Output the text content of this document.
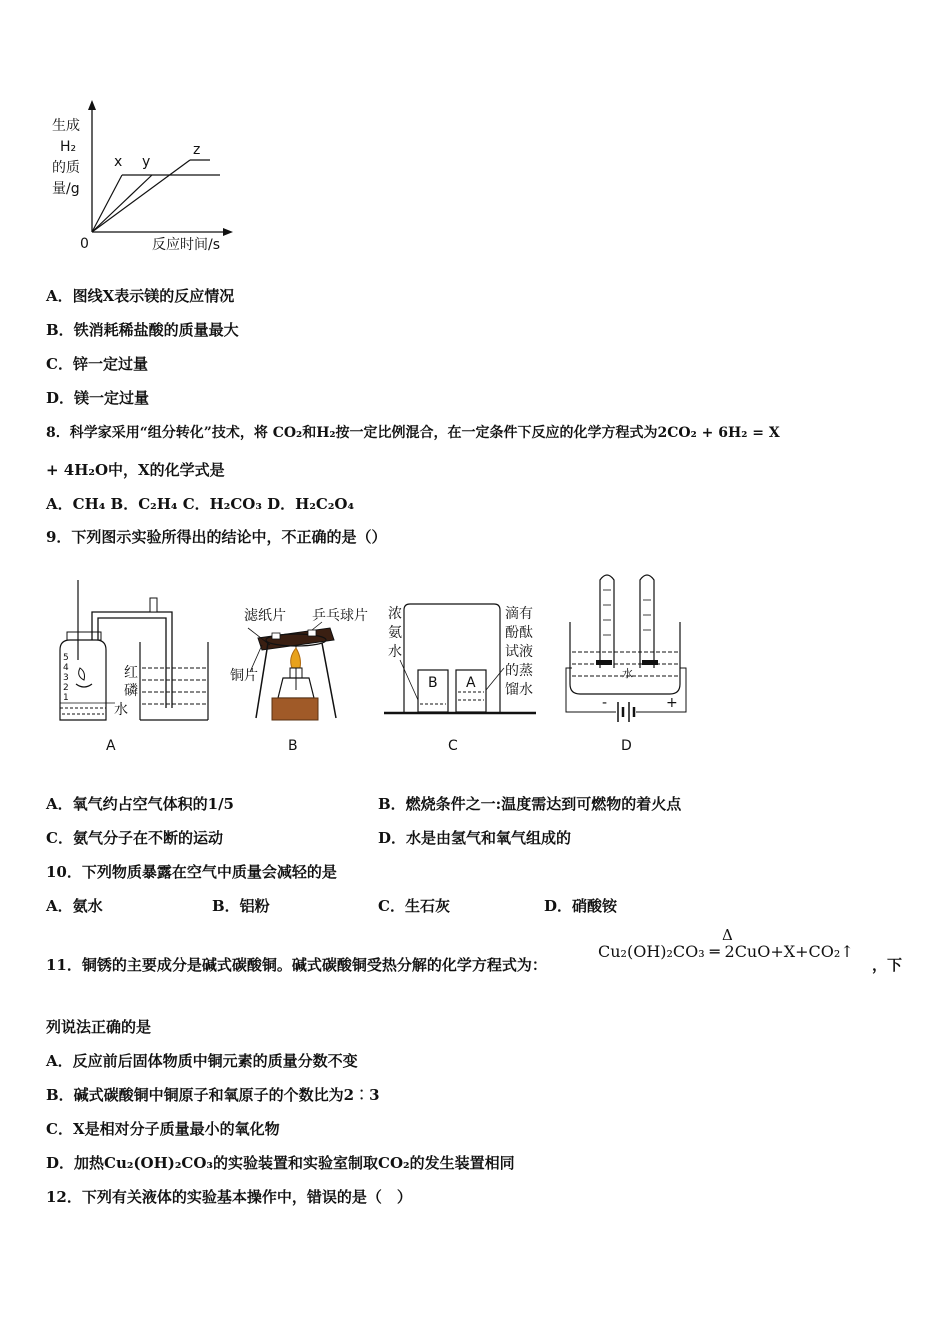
生成
H₂
的质
量/g
0	反应时间/s
x y
z
A．图线X表示镁的反应情况
B．铁消耗稀盐酸的质量最大
C．锌一定过量
D．镁一定过量
8．科学家采用“组分转化”技术，将 CO₂和H₂按一定比例混合，在一定条件下反应的化学方程式为2CO₂ + 6H₂ = X
+ 4H₂O中，X的化学式是
A．CH₄ B．C₂H₄ C．H₂CO₃ D．H₂C₂O₄
9．下列图示实验所得出的结论中，不正确的是（）
5
4
3
2
1
红
磷
水
A
滤纸片 乒乓球片
铜片
B
浓
氨
水
滴有
酚酞
试液
的蒸
馏水
B A
C
水
-	+
D
A．氧气约占空气体积的1/5	B．燃烧条件之一:温度需达到可燃物的着火点
C．氨气分子在不断的运动	D．水是由氢气和氧气组成的
10．下列物质暴露在空气中质量会减轻的是
A．氨水	B．铝粉	C．生石灰	D．硝酸铵
11．铜锈的主要成分是碱式碳酸铜。碱式碳酸铜受热分解的化学方程式为：
Δ
Cu₂(OH)₂CO₃ ═ 2CuO+X+CO₂↑
，下
列说法正确的是
A．反应前后固体物质中铜元素的质量分数不变
B．碱式碳酸铜中铜原子和氧原子的个数比为2︰3
C．X是相对分子质量最小的氧化物
D．加热Cu₂(OH)₂CO₃的实验装置和实验室制取CO₂的发生装置相同
12．下列有关液体的实验基本操作中，错误的是（　）
